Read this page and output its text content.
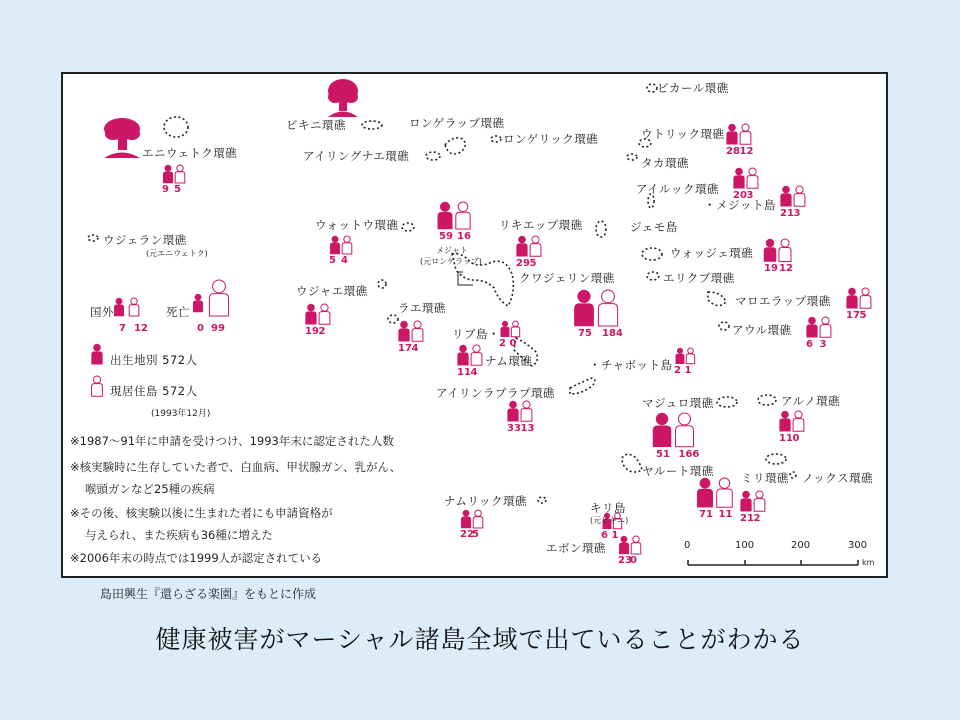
エニウェトク環礁
ビキニ環礁	ロンゲラップ環礁
ロンゲリック環礁
アイリングナエ環礁
ビカール環礁
ウトリック環礁
タカ環礁
アイルック環礁
・メジット島
ウジェラン環礁
(元エニウェトク)
ウォットウ環礁
メジャト
(元ロンゲラップ)
リキエップ環礁	ジェモ島
ウォッジェ環礁
エリクブ環礁
クワジェリン環礁
ウジャエ環礁
ラエ環礁	マロエラップ環礁
アウル環礁
リブ島・
ナム環礁	・チャボット島
アイリンラプラプ環礁
マジュロ環礁	アルノ環礁
ヤルート環礁 ミリ環礁 ノックス環礁
ナムリック環礁	キリ島
(元ビキニ)
エボン環礁
9 5
28 12
20 3
21 3
5 4
59 16
29 5	19 12
19 2
17 4
75 184
17 5
6 3
2 0
11 4	2 1
33 13
51 166
11 0
71 11 21 2
22
5	6 1
23
0
国外
7 12
死亡
0 99
出生地別 572人
現居住島 572人
(1993年12月)
※1987～91年に申請を受けつけ、1993年末に認定された人数
※核実験時に生存していた者で、白血病、甲状腺ガン、乳がん、
喉頭ガンなど25種の疾病
※その後、核実験以後に生まれた者にも申請資格が
与えられ、また疾病も36種に増えた
※2006年末の時点では1999人が認定されている
0	100	200	300
km
島田興生『還らざる楽園』をもとに作成
健康被害がマーシャル諸島全域で出ていることがわかる
